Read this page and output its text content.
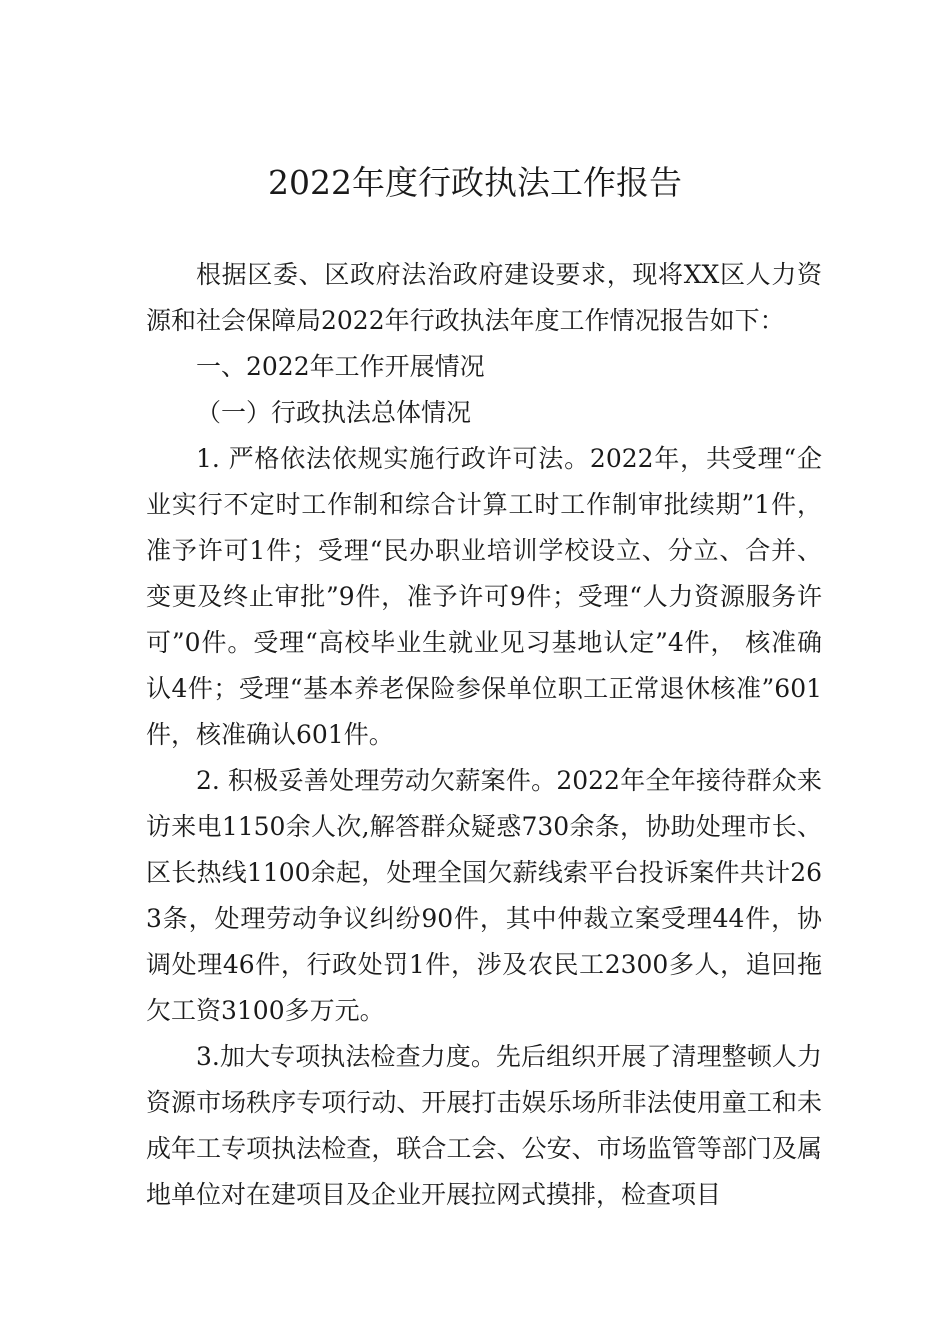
2022年度行政执法工作报告

根据区委、区政府法治政府建设要求，现将XX区人力资源和社会保障局2022年行政执法年度工作情况报告如下：

一、2022年工作开展情况

（一）行政执法总体情况

1. 严格依法依规实施行政许可法。2022年，共受理“企业实行不定时工作制和综合计算工时工作制审批续期”1件， 准予许可1件；受理“民办职业培训学校设立、分立、合并、变更及终止审批”9件，准予许可9件；受理“人力资源服务许可”0件。受理“高校毕业生就业见习基地认定”4件， 核准确认4件；受理“基本养老保险参保单位职工正常退休核准”601件，核准确认601件。

2. 积极妥善处理劳动欠薪案件。2022年全年接待群众来访来电1150余人次,解答群众疑惑730余条，协助处理市长、区长热线1100余起，处理全国欠薪线索平台投诉案件共计263条，处理劳动争议纠纷90件，其中仲裁立案受理44件，协调处理46件，行政处罚1件，涉及农民工2300多人，追回拖欠工资3100多万元。

3.加大专项执法检查力度。先后组织开展了清理整顿人力资源市场秩序专项行动、开展打击娱乐场所非法使用童工和未成年工专项执法检查，联合工会、公安、市场监管等部门及属地单位对在建项目及企业开展拉网式摸排，检查项目
